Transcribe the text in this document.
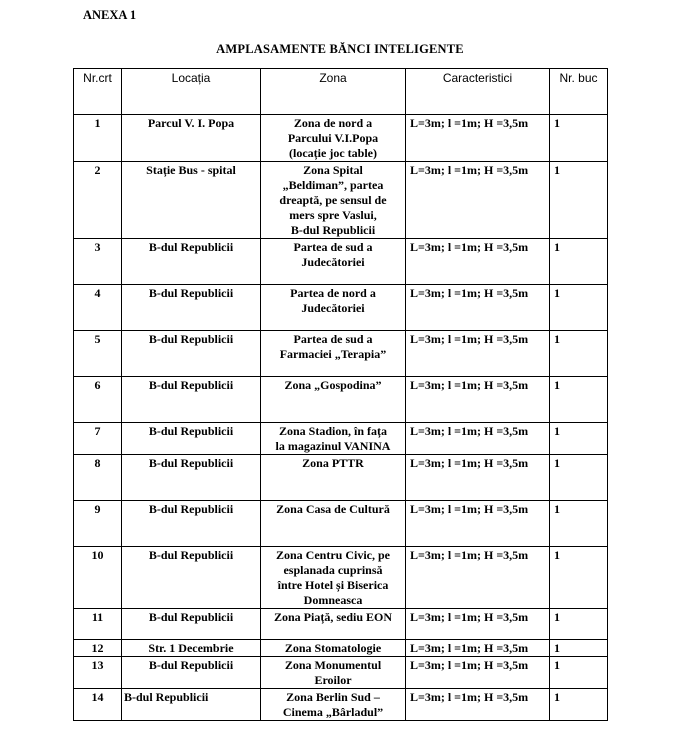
ANEXA 1
AMPLASAMENTE BĂNCI INTELIGENTE
Nr.crt	Locația	Zona	Caracteristici	Nr. buc
1	Parcul V. I. Popa	Zona de nord a
Parcului V.I.Popa
(locație joc table)	L=3m; l =1m; H =3,5m	1
2	Stație Bus - spital	Zona Spital
„Beldiman”, partea
dreaptă, pe sensul de
mers spre Vaslui,
B-dul Republicii	L=3m; l =1m; H =3,5m	1
3	B-dul Republicii	Partea de sud a
Judecătoriei	L=3m; l =1m; H =3,5m	1
4	B-dul Republicii	Partea de nord a
Judecătoriei	L=3m; l =1m; H =3,5m	1
5	B-dul Republicii	Partea de sud a
Farmaciei „Terapia”	L=3m; l =1m; H =3,5m	1
6	B-dul Republicii	Zona „Gospodina”	L=3m; l =1m; H =3,5m	1
7	B-dul Republicii	Zona Stadion, în fața
la magazinul VANINA	L=3m; l =1m; H =3,5m	1
8	B-dul Republicii	Zona PTTR	L=3m; l =1m; H =3,5m	1
9	B-dul Republicii	Zona Casa de Cultură	L=3m; l =1m; H =3,5m	1
10	B-dul Republicii	Zona Centru Civic, pe
esplanada cuprinsă
între Hotel și Biserica
Domneasca	L=3m; l =1m; H =3,5m	1
11	B-dul Republicii	Zona Piață, sediu EON	L=3m; l =1m; H =3,5m	1
12	Str. 1 Decembrie	Zona Stomatologie	L=3m; l =1m; H =3,5m	1
13	B-dul Republicii	Zona Monumentul
Eroilor	L=3m; l =1m; H =3,5m	1
14	B-dul Republicii	Zona Berlin Sud –
Cinema „Bârladul”	L=3m; l =1m; H =3,5m	1
